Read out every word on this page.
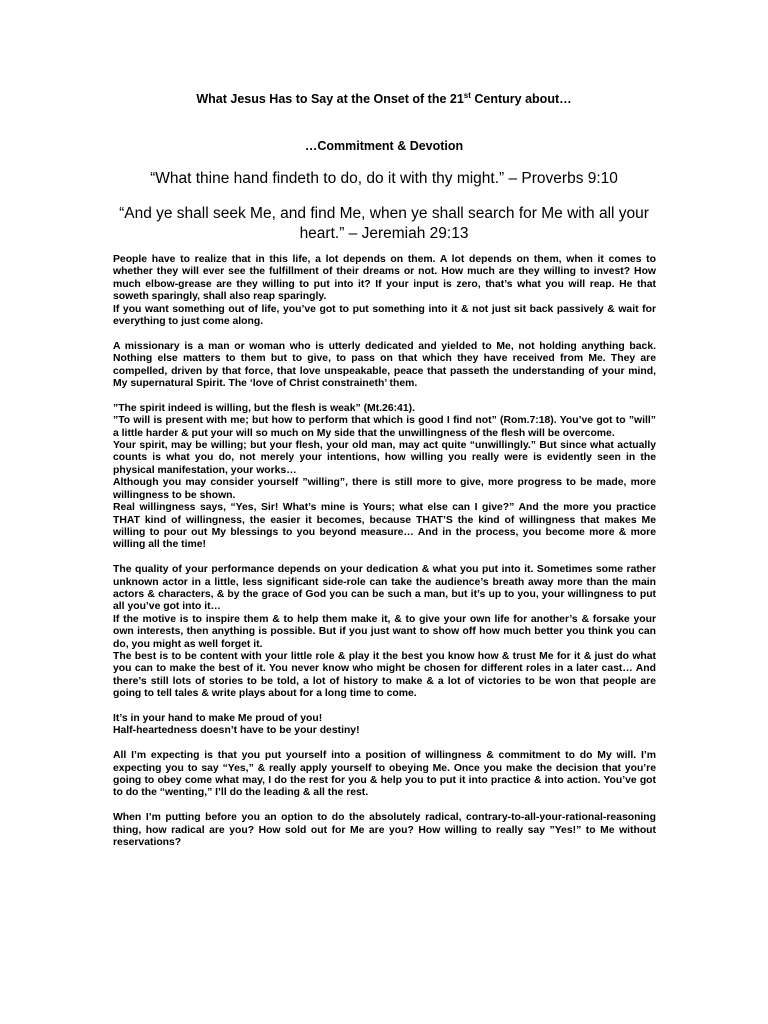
What Jesus Has to Say at the Onset of the 21st Century about…

…Commitment & Devotion

“What thine hand findeth to do, do it with thy might.” – Proverbs 9:10

“And ye shall seek Me, and find Me, when ye shall search for Me with all your heart.” – Jeremiah 29:13

People have to realize that in this life, a lot depends on them. A lot depends on them, when it comes to whether they will ever see the fulfillment of their dreams or not. How much are they willing to invest? How much elbow-grease are they willing to put into it? If your input is zero, that’s what you will reap. He that soweth sparingly, shall also reap sparingly.
If you want something out of life, you’ve got to put something into it & not just sit back passively & wait for everything to just come along.

A missionary is a man or woman who is utterly dedicated and yielded to Me, not holding anything back. Nothing else matters to them but to give, to pass on that which they have received from Me. They are compelled, driven by that force, that love unspeakable, peace that passeth the understanding of your mind, My supernatural Spirit. The ‘love of Christ constraineth’ them.

”The spirit indeed is willing, but the flesh is weak” (Mt.26:41).
”To will is present with me; but how to perform that which is good I find not” (Rom.7:18). You’ve got to ”will” a little harder & put your will so much on My side that the unwillingness of the flesh will be overcome.
Your spirit, may be willing; but your flesh, your old man, may act quite “unwillingly.” But since what actually counts is what you do, not merely your intentions, how willing you really were is evidently seen in the physical manifestation, your works…
Although you may consider yourself ”willing”, there is still more to give, more progress to be made, more willingness to be shown.
Real willingness says, “Yes, Sir! What’s mine is Yours; what else can I give?” And the more you practice THAT kind of willingness, the easier it becomes, because THAT’S the kind of willingness that makes Me willing to pour out My blessings to you beyond measure… And in the process, you become more & more willing all the time!

The quality of your performance depends on your dedication & what you put into it. Sometimes some rather unknown actor in a little, less significant side-role can take the audience’s breath away more than the main actors & characters, & by the grace of God you can be such a man, but it’s up to you, your willingness to put all you’ve got into it…
If the motive is to inspire them & to help them make it, & to give your own life for another’s & forsake your own interests, then anything is possible. But if you just want to show off how much better you think you can do, you might as well forget it.
The best is to be content with your little role & play it the best you know how & trust Me for it & just do what you can to make the best of it. You never know who might be chosen for different roles in a later cast… And there’s still lots of stories to be told, a lot of history to make & a lot of victories to be won that people are going to tell tales & write plays about for a long time to come.

It’s in your hand to make Me proud of you!
Half-heartedness doesn’t have to be your destiny!

All I’m expecting is that you put yourself into a position of willingness & commitment to do My will. I’m expecting you to say “Yes,” & really apply yourself to obeying Me. Once you make the decision that you’re going to obey come what may, I do the rest for you & help you to put it into practice & into action. You’ve got to do the “wenting,” I’ll do the leading & all the rest.

When I’m putting before you an option to do the absolutely radical, contrary-to-all-your-rational-reasoning thing, how radical are you? How sold out for Me are you? How willing to really say ”Yes!” to Me without reservations?
